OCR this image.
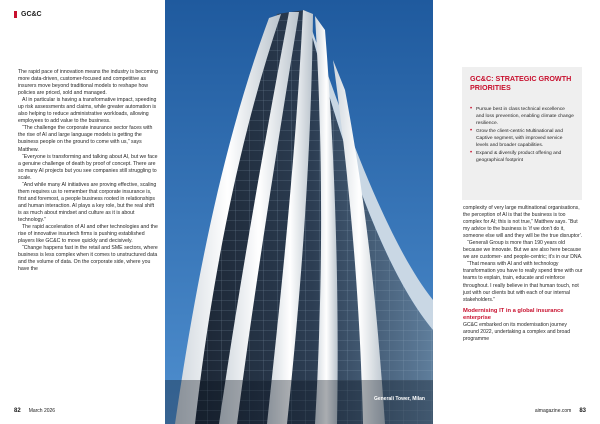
GC&C

The rapid pace of innovation means the industry is becoming more data-driven, customer-focused and competitive as insurers move beyond traditional models to reshape how policies are priced, sold and managed.

AI in particular is having a transformative impact, speeding up risk assessments and claims, while greater automation is also helping to reduce administrative workloads, allowing employees to add value to the business.

“The challenge the corporate insurance sector faces with the rise of AI and large language models is getting the business people on the ground to come with us,” says Matthew.

“Everyone is transforming and talking about AI, but we face a genuine challenge of death by proof of concept. There are so many AI projects but you see companies still struggling to scale.

“And while many AI initiatives are proving effective, scaling them requires us to remember that corporate insurance is, first and foremost, a people business rooted in relationships and human interaction. AI plays a key role, but the real shift is as much about mindset and culture as it is about technology.”

The rapid acceleration of AI and other technologies and the rise of innovative insurtech firms is pushing established players like GC&C to move quickly and decisively.

“Change happens fast in the retail and SME sectors, where business is less complex when it comes to unstructured data and the volume of data. On the corporate side, where you have the

82 March 2026
Generali Tower, Milan
aimagazine.com 83
GC&C: STRATEGIC GROWTH PRIORITIES
• Pursue best in class technical excellence and loss prevention, enabling climate change resilience.
• Grow the client-centric Multinational and Captive segment, with improved service levels and broader capabilities.
• Expand & diversify product offering and geographical footprint

complexity of very large multinational organisations, the perception of AI is that the business is too complex for AI; this is not true,” Matthew says. “But my advice to the business is ‘if we don’t do it, someone else will and they will be the true disruptor’.

“Generali Group is more than 190 years old because we innovate. But we are also here because we are customer- and people-centric; it’s in our DNA.

“That means with AI and with technology transformation you have to really spend time with our teams to explain, train, educate and reinforce throughout. I really believe in that human touch, not just with our clients but with each of our internal stakeholders.”

Modernising IT in a global insurance enterprise

GC&C embarked on its modernisation journey around 2022, undertaking a complex and broad programme
